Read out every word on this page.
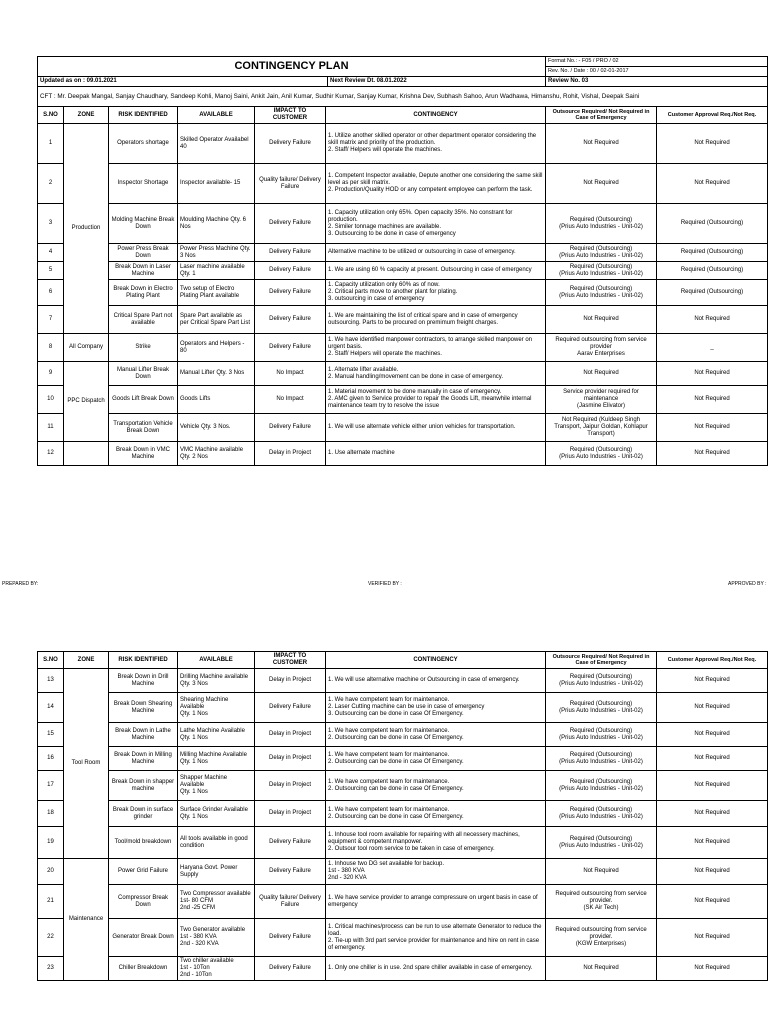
CONTINGENCY PLAN	Format No.: - F05 / PRO / 02
Rev. No. / Date : 00 / 02-01-2017
Updated as on : 09.01.2021	Next Review Dt. 08.01.2022	Review No. 03
CFT : Mr. Deepak Mangal, Sanjay Chaudhary, Sandeep Kohli, Manoj Saini, Ankit Jain, Anil Kumar, Sudhir Kumar, Sanjay Kumar, Krishna Dev, Subhash Sahoo, Arun Wadhawa, Himanshu, Rohit, Vishal, Deepak Saini
S.NO	ZONE	RISK IDENTIFIED	AVAILABLE	IMPACT TO CUSTOMER	CONTINGENCY	Outsource Required/ Not Required in Case of Emergency	Customer Approval Req./Not Req.
1	Production	Operators shortage	Skilled Operator Availabel 40	Delivery Failure	1. Utilize another skilled operator or other department operator considering the skill matrix and priority of the production.
2. Staff/ Helpers will operate the machines.	Not Required	Not Required
2		Inspector Shortage	Inspector available- 15	Quality failure/ Delivery Failure	1. Competent Inspector available, Depute another one considering the same skill level as per skill matrix.
2. Production/Quality HOD or any competent employee can perform the task.	Not Required	Not Required
3		Molding Machine Break Down	Moulding Machine Qty. 6 Nos	Delivery Failure	1. Capacity utilization only 65%. Open capacity 35%. No constrant for production.
2. Similer tonnage machines are available.
3. Outsourcing to be done in case of emergency	Required (Outsourcing)
(Prius Auto Industries - Unit-02)	Required (Outsourcing)
4		Power Press Break Down	Power Press Machine Qty. 3 Nos	Delivery Failure	Alternative machine to be utilized or outsourcing in case of emergency.	Required (Outsourcing)
(Prius Auto Industries - Unit-02)	Required (Outsourcing)
5		Break Down in Laser Machine	Laser machine available Qty. 1	Delivery Failure	1. We are using 60 % capacity at present. Outsourcing in case of emergency	Required (Outsourcing)
(Prius Auto Industries - Unit-02)	Required (Outsourcing)
6		Break Down in Electro Plating Plant	Two setup of Electro Plating Plant available	Delivery Failure	1. Capacity utilization only 60% as of now.
2. Critical parts move to another plant for plating.
3. outsourcing in case of emergency	Required (Outsourcing)
(Prius Auto Industries - Unit-02)	Required (Outsourcing)
7		Critical Spare Part not available	Spare Part available as per Critical Spare Part List	Delivery Failure	1. We are maintaining the list of critical spare and in case of emergency outsourcing. Parts to be procured on premimum freight charges.	Not Required	Not Required
8	All Company	Strike	Operators and Helpers - 80	Delivery Failure	1. We have identified manpower contractors, to arrange skilled manpower on urgent basis.
2. Staff/ Helpers will operate the machines.	Required outsourcing from service provider
Aarav Enterprises	_
9	PPC Dispatch	Manual Lifter Break Down	Manual Lifter Qty. 3 Nos	No Impact	1. Alternate lifter available.
2. Manual handling/movement can be done in case of emergency.	Not Required	Not Required
10		Goods Lift Break Down	Goods Lifts	No Impact	1. Material movement to be done manually in case of emergency.
2. AMC given to Service provider to repair the Goods Lift, meanwhile internal maintenance team try to resolve the issue	Service provider required for maintenance
(Jasmine Elivator)	Not Required
11		Transportation Vehicle Break Down	Vehicle Qty. 3 Nos.	Delivery Failure	1. We will use alternate vehicle either union vehicles for transportation.	Not Required (Kuldeep Singh Transport, Jaipur Goldan, Kohlapur Transport)	Not Required
12		Break Down in VMC Machine	VMC Machine available Qty. 2 Nos	Delay in Project	1. Use alternate machine	Required (Outsourcing)
(Prius Auto Industries - Unit-02)	Not Required
PREPARED BY:	VERIFIED BY :	APPROVED BY :
S.NO	ZONE	RISK IDENTIFIED	AVAILABLE	IMPACT TO CUSTOMER	CONTINGENCY	Outsource Required/ Not Required in Case of Emergency	Customer Approval Req./Not Req.
13	Tool Room	Break Down in Drill Machine	Drilling Machine available Qty. 3 Nos	Delay in Project	1. We will use alternative machine or Outsourcing in case of emergency.	Required (Outsourcing)
(Prius Auto Industries - Unit-02)	Not Required
14		Break Down Shearing Machine	Shearing Machine Available
Qty. 1 Nos	Delivery Failure	1. We have competent team for maintenance.
2. Laser Cutting machine can be use in case of emergency
3. Outsourcing can be done in case Of Emergency.	Required (Outsourcing)
(Prius Auto Industries - Unit-02)	Not Required
15		Break Down in Lathe Machine	Lathe Machine Available Qty. 1 Nos	Delay in Project	1. We have competent team for maintenance.
2. Outsourcing can be done in case Of Emergency.	Required (Outsourcing)
(Prius Auto Industries - Unit-02)	Not Required
16		Break Down in Milling Machine	Milling Machine Available
Qty. 1 Nos	Delay in Project	1. We have competent team for maintenance.
2. Outsourcing can be done in case Of Emergency.	Required (Outsourcing)
(Prius Auto Industries - Unit-02)	Not Required
17		Break Down in shapper machine	Shapper Machine Available
Qty. 1 Nos	Delay in Project	1. We have competent team for maintenance.
2. Outsourcing can be done in case Of Emergency.	Required (Outsourcing)
(Prius Auto Industries - Unit-02)	Not Required
18		Break Down in surface grinder	Surface Grinder Available
Qty. 1 Nos	Delay in Project	1. We have competent team for maintenance.
2. Outsourcing can be done in case Of Emergency.	Required (Outsourcing)
(Prius Auto Industries - Unit-02)	Not Required
19		Tool/mold breakdown	All tools available in good condition	Delivery Failure	1. Inhouse tool room available for repairing with all necessery machines, equipment & competent manpower.
2. Outsour tool room service to be taken in case of emergency.	Required (Outsourcing)
(Prius Auto Industries - Unit-02)	Not Required
20	Maintenance	Power Grid Failure	Haryana Govt. Power Supply	Delivery Failure	1. Inhouse two DG set available for backup.
1st - 380 KVA
2nd - 320 KVA	Not Required	Not Required
21		Compressor Break Down	Two Compressor available
1st- 80 CFM
2nd -25 CFM	Quality failure/ Delivery Failure	1. We have service provider to arrange compressure on urgent basis in case of emergency	Required outsourcing from service provider.
(SK Air Tech)	Not Required
22		Generator Break Down	Two Generator available
1st - 380 KVA
2nd - 320 KVA	Delivery Failure	1. Critical machines/process can be run to use alternate Generator to reduce the load.
2. Tie-up with 3rd part service provider for maintenance and hire on rent in case of emergency.	Required outsourcing from service provider.
(KGW Enterprises)	Not Required
23		Chiller Breakdown	Two chiller available
1st - 10Ton
2nd - 10Ton	Delivery Failure	1. Only one chiller is in use. 2nd spare chiller available in case of emergency.	Not Required	Not Required
